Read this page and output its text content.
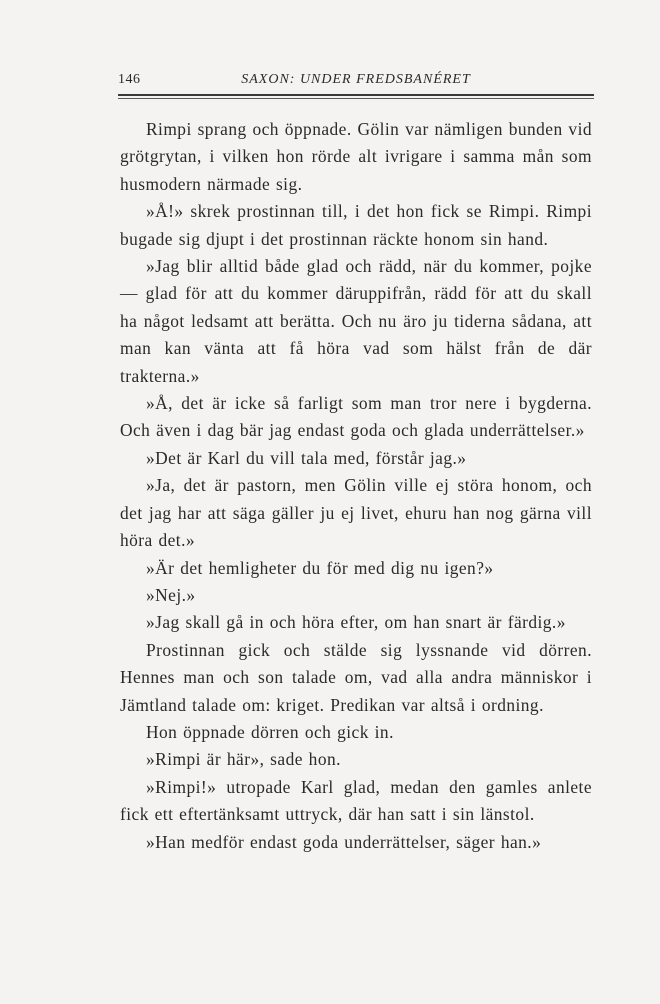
146	SAXON: UNDER FREDSBANÉRET

Rimpi sprang och öppnade. Gölin var nämligen bunden vid grötgrytan, i vilken hon rörde alt ivrigare i samma mån som husmodern närmade sig.

»Å!» skrek prostinnan till, i det hon fick se Rimpi. Rimpi bugade sig djupt i det prostinnan räckte honom sin hand.

»Jag blir alltid både glad och rädd, när du kommer, pojke — glad för att du kommer däruppifrån, rädd för att du skall ha något ledsamt att berätta. Och nu äro ju tiderna sådana, att man kan vänta att få höra vad som hälst från de där trakterna.»

»Å, det är icke så farligt som man tror nere i bygderna. Och även i dag bär jag endast goda och glada underrättelser.»

»Det är Karl du vill tala med, förstår jag.»

»Ja, det är pastorn, men Gölin ville ej störa honom, och det jag har att säga gäller ju ej livet, ehuru han nog gärna vill höra det.»

»Är det hemligheter du för med dig nu igen?»

»Nej.»

»Jag skall gå in och höra efter, om han snart är färdig.»

Prostinnan gick och stälde sig lyssnande vid dörren. Hennes man och son talade om, vad alla andra människor i Jämtland talade om: kriget. Predikan var altså i ordning.

Hon öppnade dörren och gick in.

»Rimpi är här», sade hon.

»Rimpi!» utropade Karl glad, medan den gamles anlete fick ett eftertänksamt uttryck, där han satt i sin länstol.

»Han medför endast goda underrättelser, säger han.»
